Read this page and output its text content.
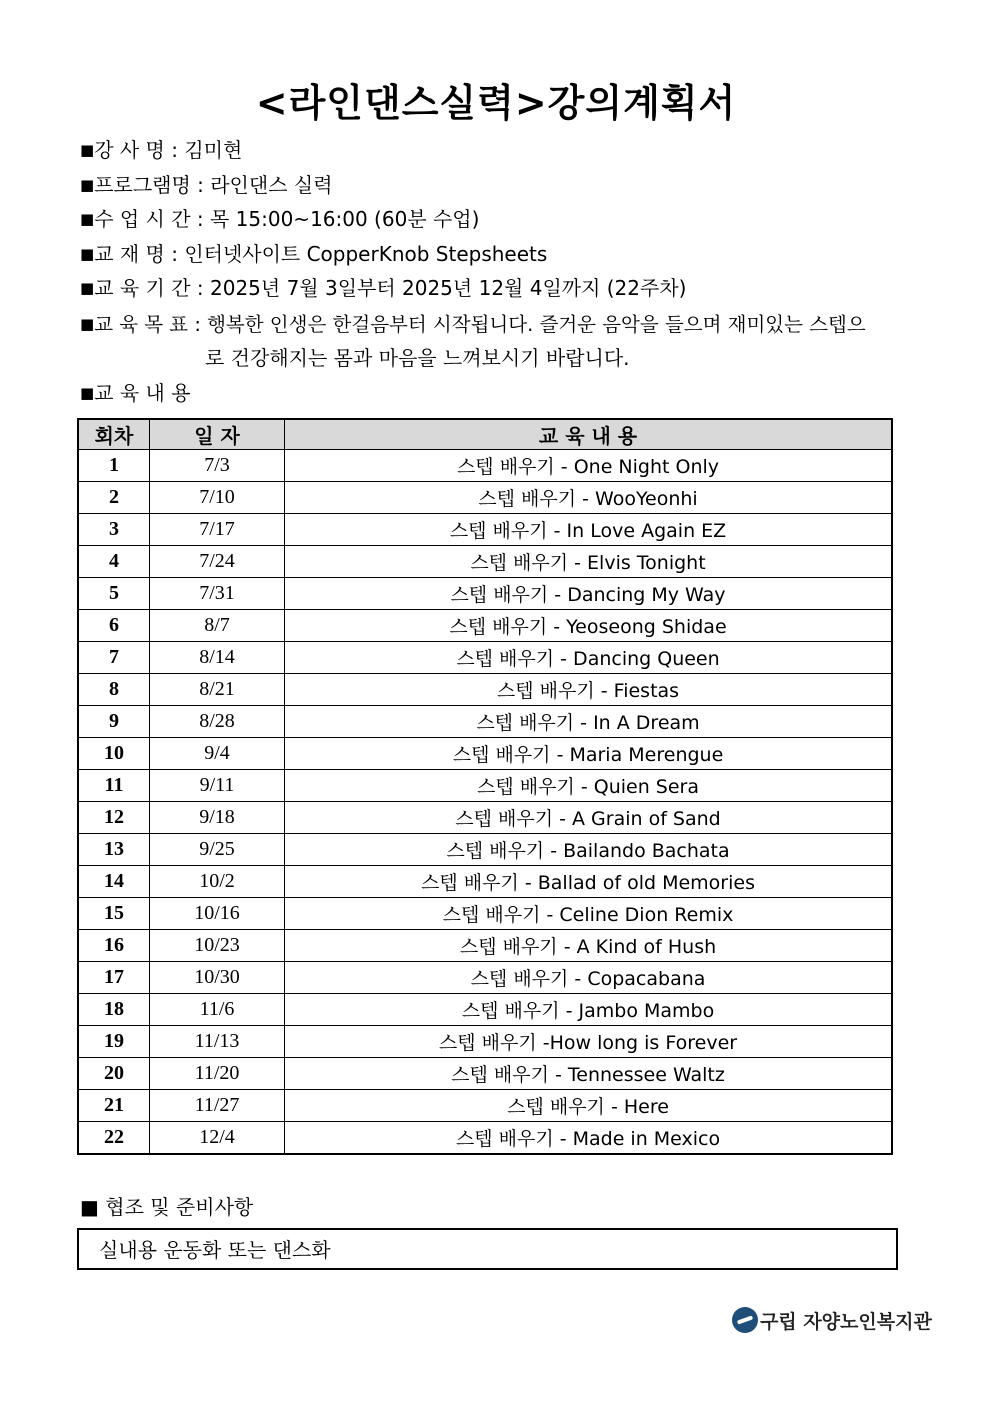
<라인댄스실력>강의계획서
■강 사 명 : 김미현
■프로그램명 : 라인댄스 실력
■수 업 시 간 : 목 15:00~16:00 (60분 수업)
■교 재 명 : 인터넷사이트 CopperKnob Stepsheets
■교 육 기 간 : 2025년 7월 3일부터 2025년 12월 4일까지 (22주차)
■교 육 목 표 : 행복한 인생은 한걸음부터 시작됩니다. 즐거운 음악을 들으며 재미있는 스텝으
로 건강해지는 몸과 마음을 느껴보시기 바랍니다.
■교 육 내 용
회차	일 자	교 육 내 용
1	7/3	스텝 배우기 - One Night Only
2	7/10	스텝 배우기 - WooYeonhi
3	7/17	스텝 배우기 - In Love Again EZ
4	7/24	스텝 배우기 - Elvis Tonight
5	7/31	스텝 배우기 - Dancing My Way
6	8/7	스텝 배우기 - Yeoseong Shidae
7	8/14	스텝 배우기 - Dancing Queen
8	8/21	스텝 배우기 - Fiestas
9	8/28	스텝 배우기 - In A Dream
10	9/4	스텝 배우기 - Maria Merengue
11	9/11	스텝 배우기 - Quien Sera
12	9/18	스텝 배우기 - A Grain of Sand
13	9/25	스텝 배우기 - Bailando Bachata
14	10/2	스텝 배우기 - Ballad of old Memories
15	10/16	스텝 배우기 - Celine Dion Remix
16	10/23	스텝 배우기 - A Kind of Hush
17	10/30	스텝 배우기 - Copacabana
18	11/6	스텝 배우기 - Jambo Mambo
19	11/13	스텝 배우기 -How long is Forever
20	11/20	스텝 배우기 - Tennessee Waltz
21	11/27	스텝 배우기 - Here
22	12/4	스텝 배우기 - Made in Mexico
■ 협조 및 준비사항
실내용 운동화 또는 댄스화
구립 자양노인복지관
